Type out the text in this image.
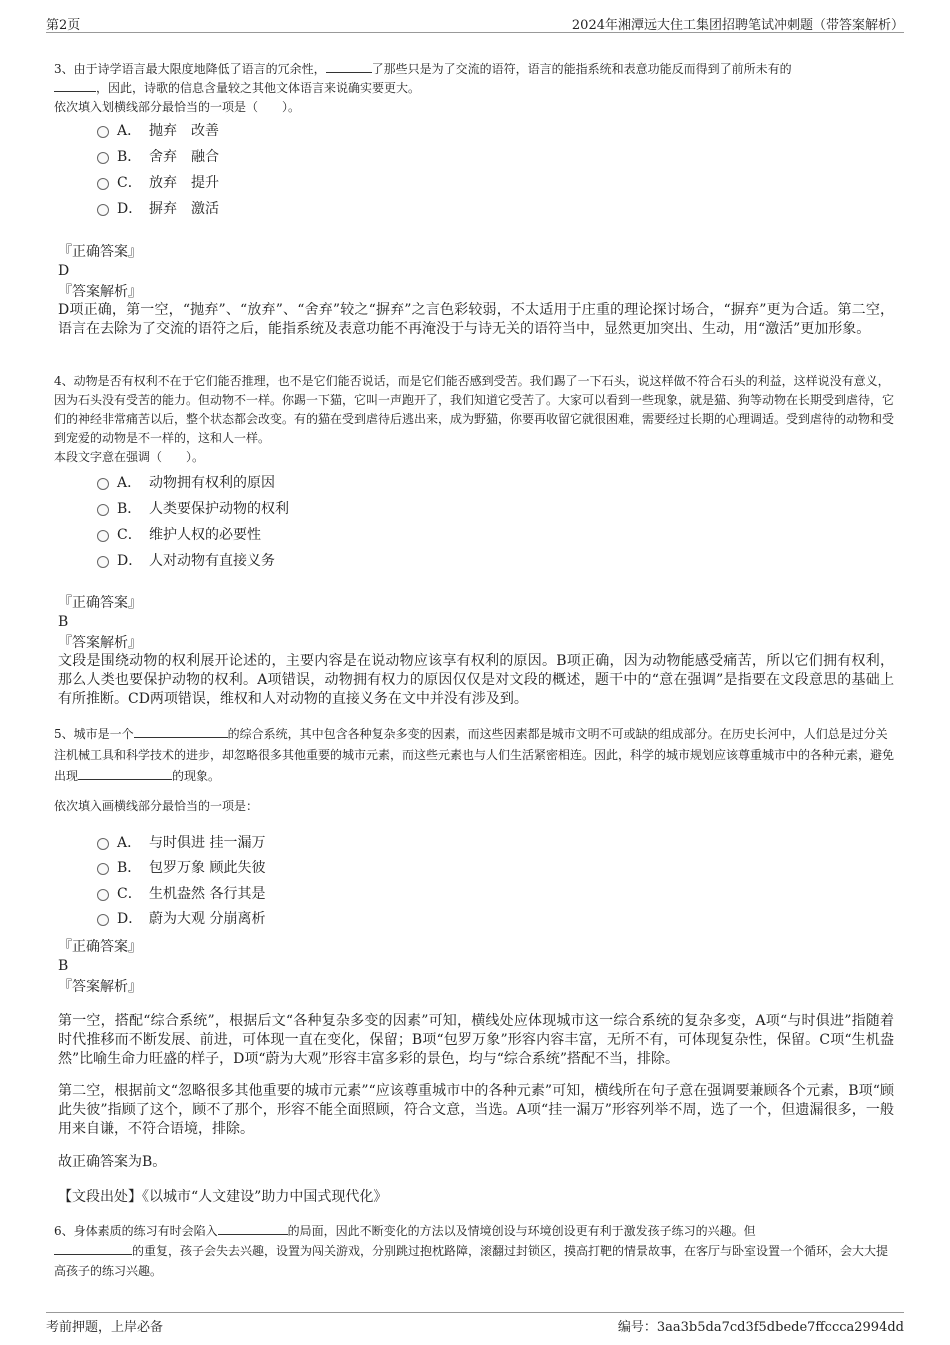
第2页	2024年湘潭远大住工集团招聘笔试冲刺题（带答案解析）
3、由于诗学语言最大限度地降低了语言的冗余性，	了那些只是为了交流的语符，语言的能指系统和表意功能反而得到了前所未有的
，因此，诗歌的信息含量较之其他文体语言来说确实要更大。
依次填入划横线部分最恰当的一项是（　　）。
A． 抛弃　改善
B． 舍弃　融合
C． 放弃　提升
D． 摒弃　激活
『正确答案』
D
『答案解析』
D项正确，第一空，“抛弃”、“放弃”、“舍弃”较之“摒弃”之言色彩较弱，不太适用于庄重的理论探讨场合，“摒弃”更为合适。第二空，语言在去除为了交流的语符之后，能指系统及表意功能不再淹没于与诗无关的语符当中，显然更加突出、生动，用“激活”更加形象。
4、动物是否有权利不在于它们能否推理，也不是它们能否说话，而是它们能否感到受苦。我们踢了一下石头，说这样做不符合石头的利益，这样说没有意义，因为石头没有受苦的能力。但动物不一样。你踢一下猫，它叫一声跑开了，我们知道它受苦了。大家可以看到一些现象，就是猫、狗等动物在长期受到虐待，它们的神经非常痛苦以后，整个状态都会改变。有的猫在受到虐待后逃出来，成为野猫，你要再收留它就很困难，需要经过长期的心理调适。受到虐待的动物和受到宠爱的动物是不一样的，这和人一样。
本段文字意在强调（　　）。
A． 动物拥有权利的原因
B． 人类要保护动物的权利
C． 维护人权的必要性
D． 人对动物有直接义务
『正确答案』
B
『答案解析』
文段是围绕动物的权利展开论述的，主要内容是在说动物应该享有权利的原因。B项正确，因为动物能感受痛苦，所以它们拥有权利，那么人类也要保护动物的权利。A项错误，动物拥有权力的原因仅仅是对文段的概述，题干中的“意在强调”是指要在文段意思的基础上有所推断。CD两项错误，维权和人对动物的直接义务在文中并没有涉及到。
5、城市是一个	的综合系统，其中包含各种复杂多变的因素，而这些因素都是城市文明不可或缺的组成部分。在历史长河中，人们总是过分关注机械工具和科学技术的进步，却忽略很多其他重要的城市元素，而这些元素也与人们生活紧密相连。因此，科学的城市规划应该尊重城市中的各种元素，避免出现	的现象。
依次填入画横线部分最恰当的一项是：
A． 与时俱进 挂一漏万
B． 包罗万象 顾此失彼
C． 生机盎然 各行其是
D． 蔚为大观 分崩离析
『正确答案』
B
『答案解析』
第一空，搭配“综合系统”，根据后文“各种复杂多变的因素”可知，横线处应体现城市这一综合系统的复杂多变，A项“与时俱进”指随着时代推移而不断发展、前进，可体现一直在变化，保留；B项“包罗万象”形容内容丰富，无所不有，可体现复杂性，保留。C项“生机盎然”比喻生命力旺盛的样子，D项“蔚为大观”形容丰富多彩的景色，均与“综合系统”搭配不当，排除。
第二空，根据前文“忽略很多其他重要的城市元素”“应该尊重城市中的各种元素”可知，横线所在句子意在强调要兼顾各个元素，B项“顾此失彼”指顾了这个，顾不了那个，形容不能全面照顾，符合文意，当选。A项“挂一漏万”形容列举不周，选了一个，但遗漏很多，一般用来自谦，不符合语境，排除。
故正确答案为B。
【文段出处】《以城市“人文建设”助力中国式现代化》
6、身体素质的练习有时会陷入	的局面，因此不断变化的方法以及情境创设与环境创设更有利于激发孩子练习的兴趣。但
的重复，孩子会失去兴趣，设置为闯关游戏，分别跳过抱枕路障，滚翻过封锁区，摸高打靶的情景故事，在客厅与卧室设置一个循环，会大大提高孩子的练习兴趣。
考前押题，上岸必备	编号：3aa3b5da7cd3f5dbede7ffccca2994dd
